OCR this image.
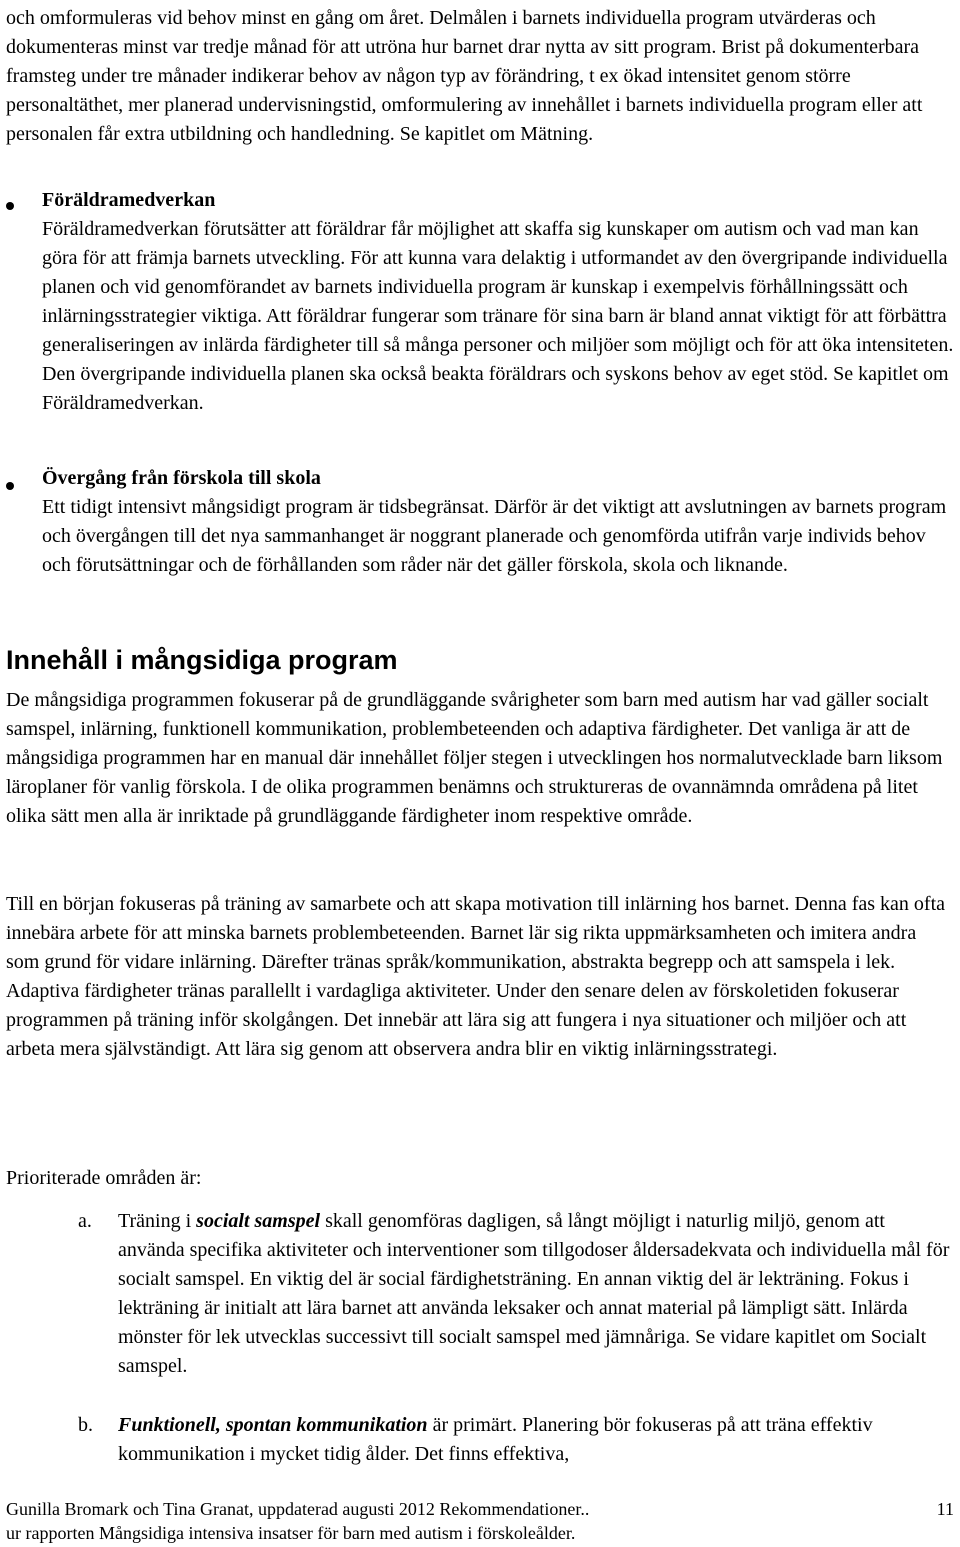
och omformuleras vid behov minst en gång om året. Delmålen i barnets individuella program utvärderas och dokumenteras minst var tredje månad för att utröna hur barnet drar nytta av sitt program. Brist på dokumenterbara framsteg under tre månader indikerar behov av någon typ av förändring, t ex ökad intensitet genom större personaltäthet, mer planerad undervisningstid, omformulering av innehållet i barnets individuella program eller att personalen får extra utbildning och handledning. Se kapitlet om Mätning.

Föräldramedverkan

Föräldramedverkan förutsätter att föräldrar får möjlighet att skaffa sig kunskaper om autism och vad man kan göra för att främja barnets utveckling. För att kunna vara delaktig i utformandet av den övergripande individuella planen och vid genomförandet av barnets individuella program är kunskap i exempelvis förhållningssätt och inlärningsstrategier viktiga. Att föräldrar fungerar som tränare för sina barn är bland annat viktigt för att förbättra generaliseringen av inlärda färdigheter till så många personer och miljöer som möjligt och för att öka intensiteten. Den övergripande individuella planen ska också beakta föräldrars och syskons behov av eget stöd. Se kapitlet om Föräldramedverkan.

Övergång från förskola till skola

Ett tidigt intensivt mångsidigt program är tidsbegränsat. Därför är det viktigt att avslutningen av barnets program och övergången till det nya sammanhanget är noggrant planerade och genomförda utifrån varje individs behov och förutsättningar och de förhållanden som råder när det gäller förskola, skola och liknande.

Innehåll i mångsidiga program

De mångsidiga programmen fokuserar på de grundläggande svårigheter som barn med autism har vad gäller socialt samspel, inlärning, funktionell kommunikation, problembeteenden och adaptiva färdigheter. Det vanliga är att de mångsidiga programmen har en manual där innehållet följer stegen i utvecklingen hos normalutvecklade barn liksom läroplaner för vanlig förskola. I de olika programmen benämns och struktureras de ovannämnda områdena på litet olika sätt men alla är inriktade på grundläggande färdigheter inom respektive område.

Till en början fokuseras på träning av samarbete och att skapa motivation till inlärning hos barnet. Denna fas kan ofta innebära arbete för att minska barnets problembeteenden. Barnet lär sig rikta uppmärksamheten och imitera andra som grund för vidare inlärning. Därefter tränas språk/kommunikation, abstrakta begrepp och att samspela i lek. Adaptiva färdigheter tränas parallellt i vardagliga aktiviteter. Under den senare delen av förskoletiden fokuserar programmen på träning inför skolgången. Det innebär att lära sig att fungera i nya situationer och miljöer och att arbeta mera självständigt. Att lära sig genom att observera andra blir en viktig inlärningsstrategi.

Prioriterade områden är:

a. Träning i socialt samspel skall genomföras dagligen, så långt möjligt i naturlig miljö, genom att använda specifika aktiviteter och interventioner som tillgodoser åldersadekvata och individuella mål för socialt samspel. En viktig del är social färdighetsträning. En annan viktig del är lekträning. Fokus i lekträning är initialt att lära barnet att använda leksaker och annat material på lämpligt sätt. Inlärda mönster för lek utvecklas successivt till socialt samspel med jämnåriga. Se vidare kapitlet om Socialt samspel.

b. Funktionell, spontan kommunikation är primärt. Planering bör fokuseras på att träna effektiv kommunikation i mycket tidig ålder. Det finns effektiva,

Gunilla Bromark och Tina Granat, uppdaterad augusti 2012 Rekommendationer..
ur rapporten Mångsidiga intensiva insatser för barn med autism i förskoleålder.
11
